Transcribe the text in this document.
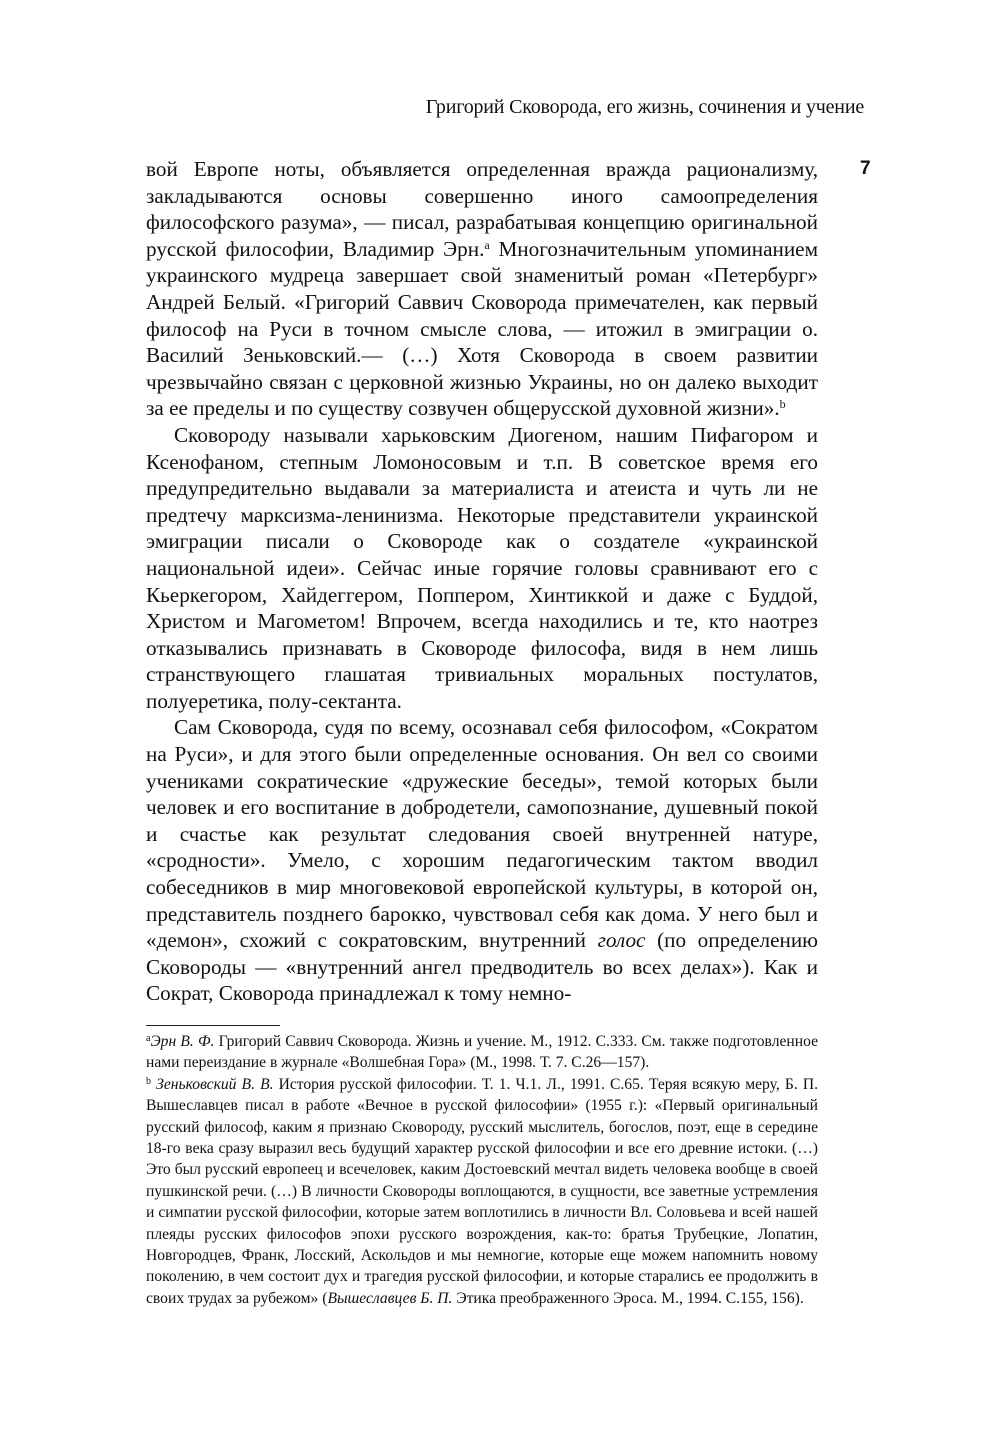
Григорий Сковорода, его жизнь, сочинения и учение
7

вой Европе ноты, объявляется определенная вражда рационализму, закладываются основы совершенно иного самоопределения философского разума», — писал, разрабатывая концепцию оригинальной русской философии, Владимир Эрн.$^a$ Многозначительным упоминанием украинского мудреца завершает свой знаменитый роман «Петербург» Андрей Белый. «Григорий Саввич Сковорода примечателен, как первый философ на Руси в точном смысле слова, — итожил в эмиграции о. Василий Зеньковский.— (…) Хотя Сковорода в своем развитии чрезвычайно связан с церковной жизнью Украины, но он далеко выходит за ее пределы и по существу созвучен общерусской духовной жизни».$^b$

Сковороду называли харьковским Диогеном, нашим Пифагором и Ксенофаном, степным Ломоносовым и т.п. В советское время его предупредительно выдавали за материалиста и атеиста и чуть ли не предтечу марксизма-ленинизма. Некоторые представители украинской эмиграции писали о Сковороде как о создателе «украинской национальной идеи». Сейчас иные горячие головы сравнивают его с Кьеркегором, Хайдеггером, Поппером, Хинтиккой и даже с Буддой, Христом и Магометом! Впрочем, всегда находились и те, кто наотрез отказывались признавать в Сковороде философа, видя в нем лишь странствующего глашатая тривиальных моральных постулатов, полуеретика, полу-сектанта.

Сам Сковорода, судя по всему, осознавал себя философом, «Сократом на Руси», и для этого были определенные основания. Он вел со своими учениками сократические «дружеские беседы», темой которых были человек и его воспитание в добродетели, самопознание, душевный покой и счастье как результат следования своей внутренней натуре, «сродности». Умело, с хорошим педагогическим тактом вводил собеседников в мир многовековой европейской культуры, в которой он, представитель позднего барокко, чувствовал себя как дома. У него был и «демон», схожий с сократовским, внутренний голос (по определению Сковороды — «внутренний ангел предводитель во всех делах»). Как и Сократ, Сковорода принадлежал к тому немно-

$^a$Эрн В. Ф. Григорий Саввич Сковорода. Жизнь и учение. М., 1912. С.333. См. также подготовленное нами переиздание в журнале «Волшебная Гора» (М., 1998. Т. 7. С.26—157).

$^b$ Зеньковский В. В. История русской философии. Т. 1. Ч.1. Л., 1991. С.65. Теряя всякую меру, Б. П. Вышеславцев писал в работе «Вечное в русской философии» (1955 г.): «Первый оригинальный русский философ, каким я признаю Сковороду, русский мыслитель, богослов, поэт, еще в середине 18-го века сразу выразил весь будущий характер русской философии и все его древние истоки. (…) Это был русский европеец и всечеловек, каким Достоевский мечтал видеть человека вообще в своей пушкинской речи. (…) В личности Сковороды воплощаются, в сущности, все заветные устремления и симпатии русской философии, которые затем воплотились в личности Вл. Соловьева и всей нашей плеяды русских философов эпохи русского возрождения, как-то: братья Трубецкие, Лопатин, Новгородцев, Франк, Лосский, Аскольдов и мы немногие, которые еще можем напомнить новому поколению, в чем состоит дух и трагедия русской философии, и которые старались ее продолжить в своих трудах за рубежом» (Вышеславцев Б. П. Этика преображенного Эроса. М., 1994. С.155, 156).
